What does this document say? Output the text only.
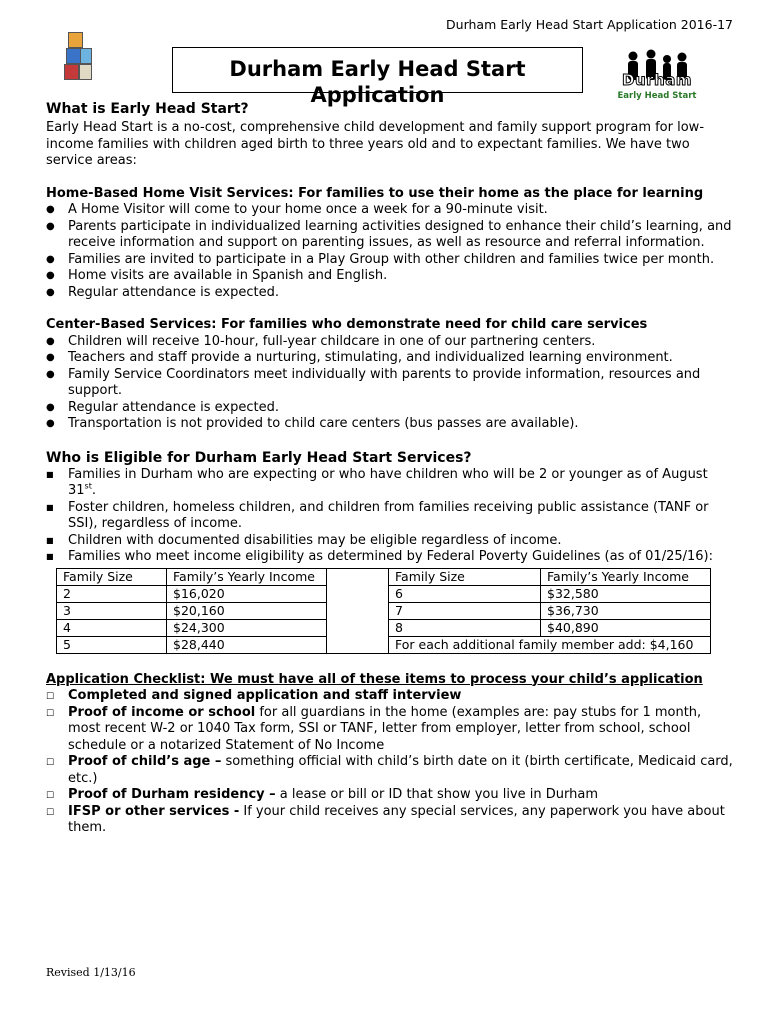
Durham Early Head Start Application 2016-17
Durham Early Head Start Application
Durham
Early Head Start
What is Early Head Start?

Early Head Start is a no-cost, comprehensive child development and family support program for low-income families with children aged birth to three years old and to expectant families. We have two service areas:

Home-Based Home Visit Services: For families to use their home as the place for learning
●	A Home Visitor will come to your home once a week for a 90-minute visit.
●	Parents participate in individualized learning activities designed to enhance their child’s learning, and receive information and support on parenting issues, as well as resource and referral information.
●	Families are invited to participate in a Play Group with other children and families twice per month.
●	Home visits are available in Spanish and English.
●	Regular attendance is expected.
Center-Based Services: For families who demonstrate need for child care services
●	Children will receive 10-hour, full-year childcare in one of our partnering centers.
●	Teachers and staff provide a nurturing, stimulating, and individualized learning environment.
●	Family Service Coordinators meet individually with parents to provide information, resources and support.
●	Regular attendance is expected.
●	Transportation is not provided to child care centers (bus passes are available).
Who is Eligible for Durham Early Head Start Services?
■	Families in Durham who are expecting or who have children who will be 2 or younger as of August 31st.
■	Foster children, homeless children, and children from families receiving public assistance (TANF or SSI), regardless of income.
■	Children with documented disabilities may be eligible regardless of income.
■	Families who meet income eligibility as determined by Federal Poverty Guidelines (as of 01/25/16):
Family Size	Family’s Yearly Income		Family Size	Family’s Yearly Income
2	$16,020		6	$32,580
3	$20,160		7	$36,730
4	$24,300		8	$40,890
5	$28,440		For each additional family member add: $4,160	
Application Checklist: We must have all of these items to process your child’s application
☐	Completed and signed application and staff interview
☐	Proof of income or school for all guardians in the home (examples are: pay stubs for 1 month, most recent W-2 or 1040 Tax form, SSI or TANF, letter from employer, letter from school, school schedule or a notarized Statement of No Income
☐	Proof of child’s age – something official with child’s birth date on it (birth certificate, Medicaid card, etc.)
☐	Proof of Durham residency – a lease or bill or ID that show you live in Durham
☐	IFSP or other services - If your child receives any special services, any paperwork you have about them.
Revised 1/13/16
